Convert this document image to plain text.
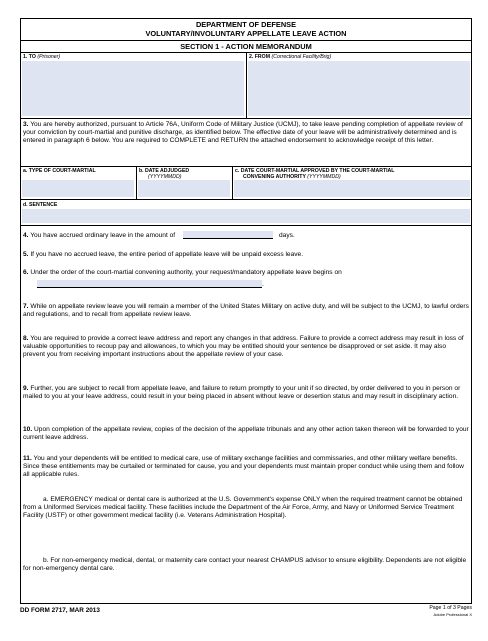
DEPARTMENT OF DEFENSE
VOLUNTARY/INVOLUNTARY APPELLATE LEAVE ACTION
SECTION 1 - ACTION MEMORANDUM
1. TO (Prisoner)	2. FROM (Correctional Facility/Brig)
3. You are hereby authorized, pursuant to Article 76A, Uniform Code of Military Justice (UCMJ), to take leave pending completion of appellate review of your conviction by court-martial and punitive discharge, as identified below. The effective date of your leave will be administratively determined and is entered in paragraph 6 below. You are required to COMPLETE and RETURN the attached endorsement to acknowledge receipt of this letter.
a. TYPE OF COURT-MARTIAL	b. DATE ADJUDGED
(YYYYMMDD)
c. DATE COURT-MARTIAL APPROVED BY THE COURT-MARTIAL
CONVENING AUTHORITY (YYYYMMDD)
d. SENTENCE
4. You have accrued ordinary leave in the amount of	days.
5. If you have no accrued leave, the entire period of appellate leave will be unpaid excess leave.
6. Under the order of the court-martial convening authority, your request/mandatory appellate leave begins on
.
7. While on appellate review leave you will remain a member of the United States Military on active duty, and will be subject to the UCMJ, to lawful orders and regulations, and to recall from appellate review leave.
8. You are required to provide a correct leave address and report any changes in that address. Failure to provide a correct address may result in loss of valuable opportunities to recoup pay and allowances, to which you may be entitled should your sentence be disapproved or set aside. It may also prevent you from receiving important instructions about the appellate review of your case.
9. Further, you are subject to recall from appellate leave, and failure to return promptly to your unit if so directed, by order delivered to you in person or mailed to you at your leave address, could result in your being placed in absent without leave or desertion status and may result in disciplinary action.
10. Upon completion of the appellate review, copies of the decision of the appellate tribunals and any other action taken thereon will be forwarded to your current leave address.
11. You and your dependents will be entitled to medical care, use of military exchange facilities and commissaries, and other military welfare benefits. Since these entitlements may be curtailed or terminated for cause, you and your dependents must maintain proper conduct while using them and follow all applicable rules.
a. EMERGENCY medical or dental care is authorized at the U.S. Government's expense ONLY when the required treatment cannot be obtained from a Uniformed Services medical facility. These facilities include the Department of the Air Force, Army, and Navy or Uniformed Service Treatment Facility (USTF) or other government medical facility (i.e. Veterans Administration Hospital).
b. For non-emergency medical, dental, or maternity care contact your nearest CHAMPUS advisor to ensure eligibility. Dependents are not eligible for non-emergency dental care.
DD FORM 2717, MAR 2013	Page 1 of 3 Pages
Adobe Professional X
